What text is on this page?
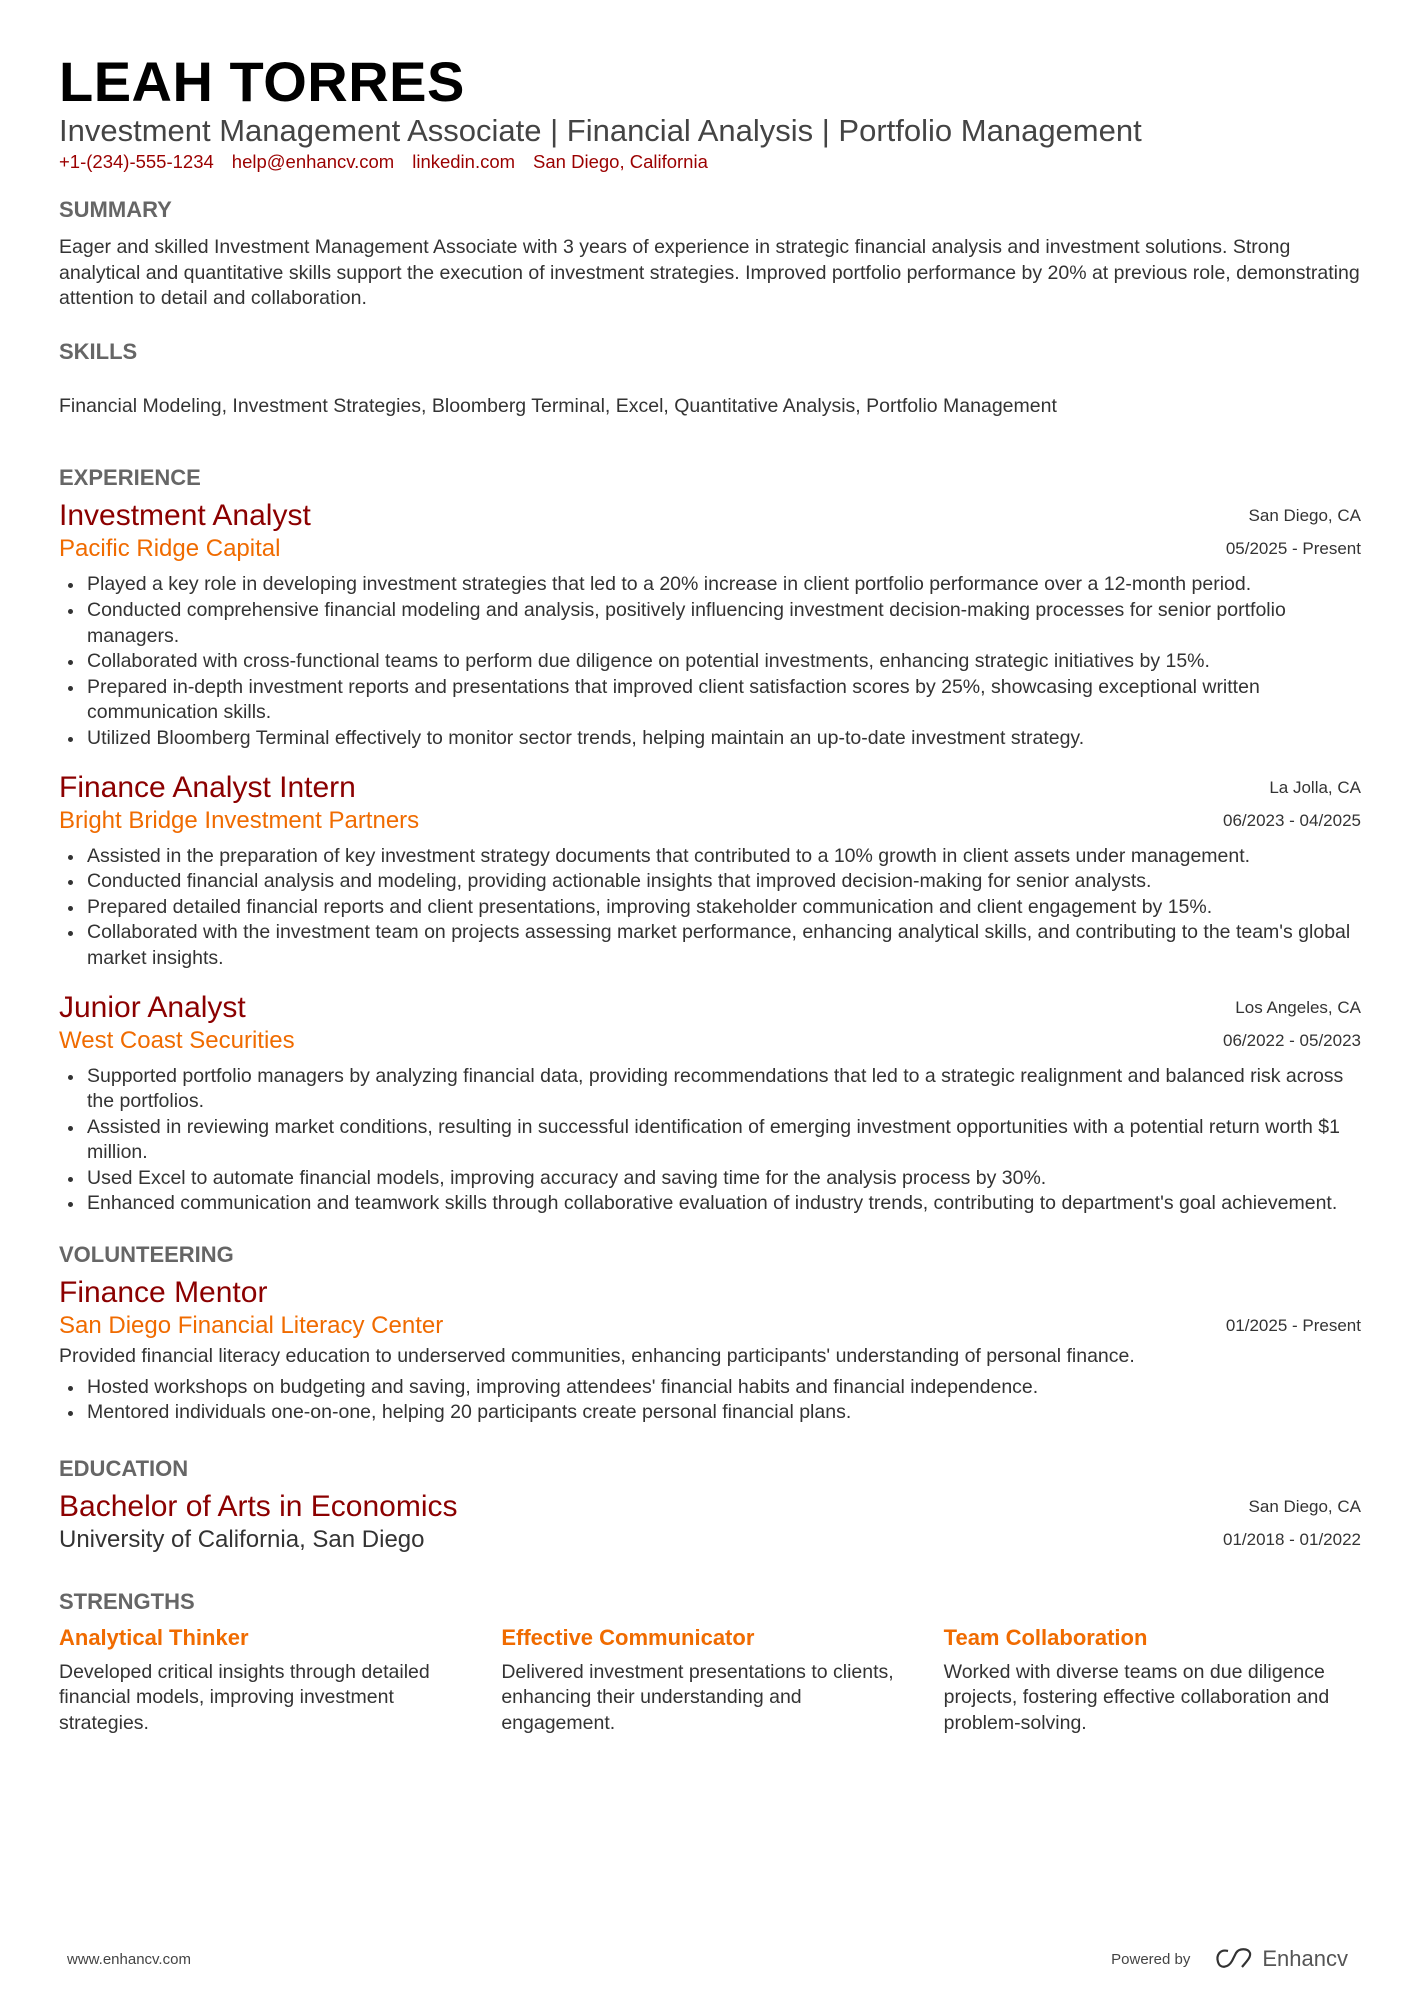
LEAH TORRES
Investment Management Associate | Financial Analysis | Portfolio Management
+1-(234)-555-1234 help@enhancv.com linkedin.com San Diego, California
SUMMARY
Eager and skilled Investment Management Associate with 3 years of experience in strategic financial analysis and investment solutions. Strong analytical and quantitative skills support the execution of investment strategies. Improved portfolio performance by 20% at previous role, demonstrating attention to detail and collaboration.
SKILLS
Financial Modeling, Investment Strategies, Bloomberg Terminal, Excel, Quantitative Analysis, Portfolio Management
EXPERIENCE
Investment Analyst	San Diego, CA
Pacific Ridge Capital	05/2025 - Present
Played a key role in developing investment strategies that led to a 20% increase in client portfolio performance over a 12-month period.
Conducted comprehensive financial modeling and analysis, positively influencing investment decision-making processes for senior portfolio managers.
Collaborated with cross-functional teams to perform due diligence on potential investments, enhancing strategic initiatives by 15%.
Prepared in-depth investment reports and presentations that improved client satisfaction scores by 25%, showcasing exceptional written communication skills.
Utilized Bloomberg Terminal effectively to monitor sector trends, helping maintain an up-to-date investment strategy.
Finance Analyst Intern	La Jolla, CA
Bright Bridge Investment Partners	06/2023 - 04/2025
Assisted in the preparation of key investment strategy documents that contributed to a 10% growth in client assets under management.
Conducted financial analysis and modeling, providing actionable insights that improved decision-making for senior analysts.
Prepared detailed financial reports and client presentations, improving stakeholder communication and client engagement by 15%.
Collaborated with the investment team on projects assessing market performance, enhancing analytical skills, and contributing to the team's global market insights.
Junior Analyst	Los Angeles, CA
West Coast Securities	06/2022 - 05/2023
Supported portfolio managers by analyzing financial data, providing recommendations that led to a strategic realignment and balanced risk across the portfolios.
Assisted in reviewing market conditions, resulting in successful identification of emerging investment opportunities with a potential return worth $1 million.
Used Excel to automate financial models, improving accuracy and saving time for the analysis process by 30%.
Enhanced communication and teamwork skills through collaborative evaluation of industry trends, contributing to department's goal achievement.
VOLUNTEERING
Finance Mentor
San Diego Financial Literacy Center	01/2025 - Present
Provided financial literacy education to underserved communities, enhancing participants' understanding of personal finance.
Hosted workshops on budgeting and saving, improving attendees' financial habits and financial independence.
Mentored individuals one-on-one, helping 20 participants create personal financial plans.
EDUCATION
Bachelor of Arts in Economics	San Diego, CA
University of California, San Diego	01/2018 - 01/2022
STRENGTHS
Analytical Thinker
Developed critical insights through detailed financial models, improving investment strategies.
Effective Communicator
Delivered investment presentations to clients, enhancing their understanding and engagement.
Team Collaboration
Worked with diverse teams on due diligence projects, fostering effective collaboration and problem-solving.
www.enhancv.com	Powered by	Enhancv
